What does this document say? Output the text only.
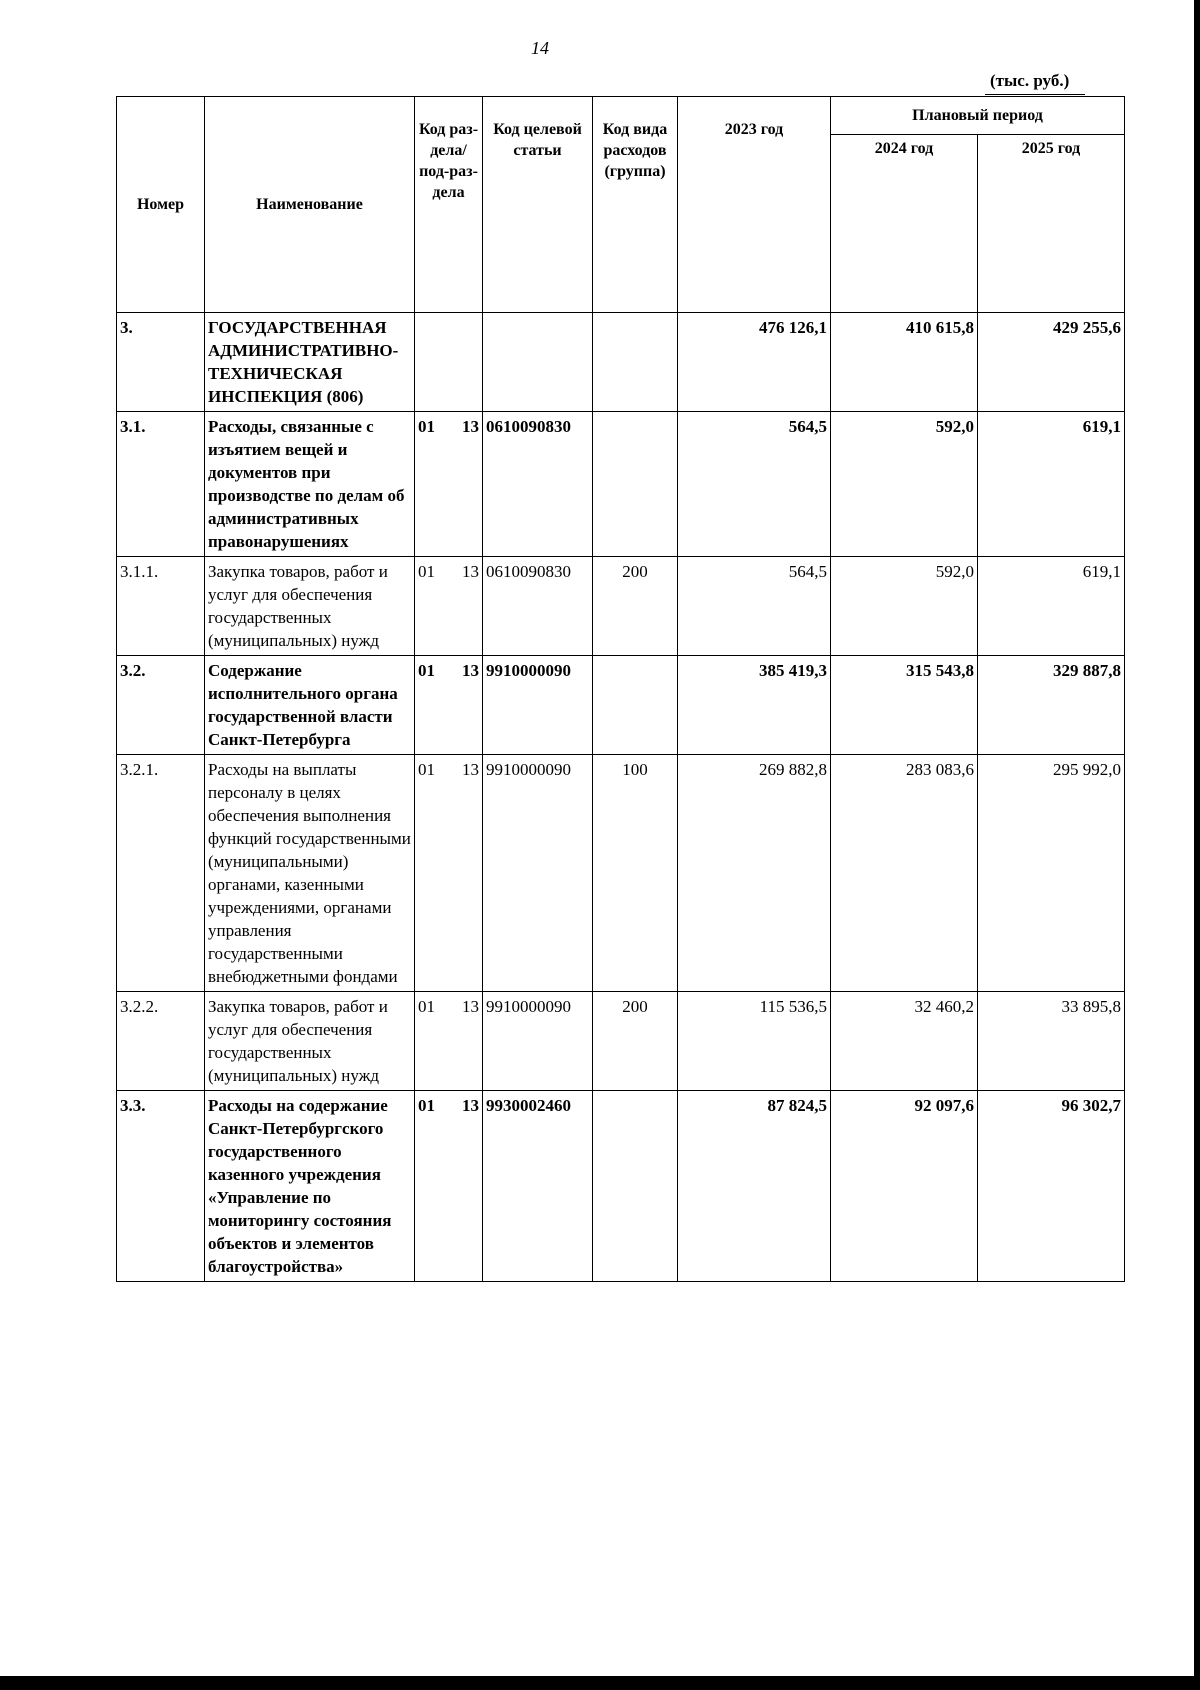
14
(тыс. руб.)
Номер	Наименование	Код раз-дела/ под-раз-дела	Код целевой статьи	Код вида расходов (группа)	2023 год	Плановый период	
						2024 год	2025 год
3.	ГОСУДАРСТВЕННАЯ АДМИНИСТРАТИВНО-ТЕХНИЧЕСКАЯ ИНСПЕКЦИЯ (806)				476 126,1	410 615,8	429 255,6
3.1.	Расходы, связанные с изъятием вещей и документов при производстве по делам об административных правонарушениях	01 13	0610090830		564,5	592,0	619,1
3.1.1.	Закупка товаров, работ и услуг для обеспечения государственных (муниципальных) нужд	01 13	0610090830	200	564,5	592,0	619,1
3.2.	Содержание исполнительного органа государственной власти Санкт-Петербурга	01 13	9910000090		385 419,3	315 543,8	329 887,8
3.2.1.	Расходы на выплаты персоналу в целях обеспечения выполнения функций государственными (муниципальными) органами, казенными учреждениями, органами управления государственными внебюджетными фондами	01 13	9910000090	100	269 882,8	283 083,6	295 992,0
3.2.2.	Закупка товаров, работ и услуг для обеспечения государственных (муниципальных) нужд	01 13	9910000090	200	115 536,5	32 460,2	33 895,8
3.3.	Расходы на содержание Санкт-Петербургского государственного казенного учреждения «Управление по мониторингу состояния объектов и элементов благоустройства»	01 13	9930002460		87 824,5	92 097,6	96 302,7
